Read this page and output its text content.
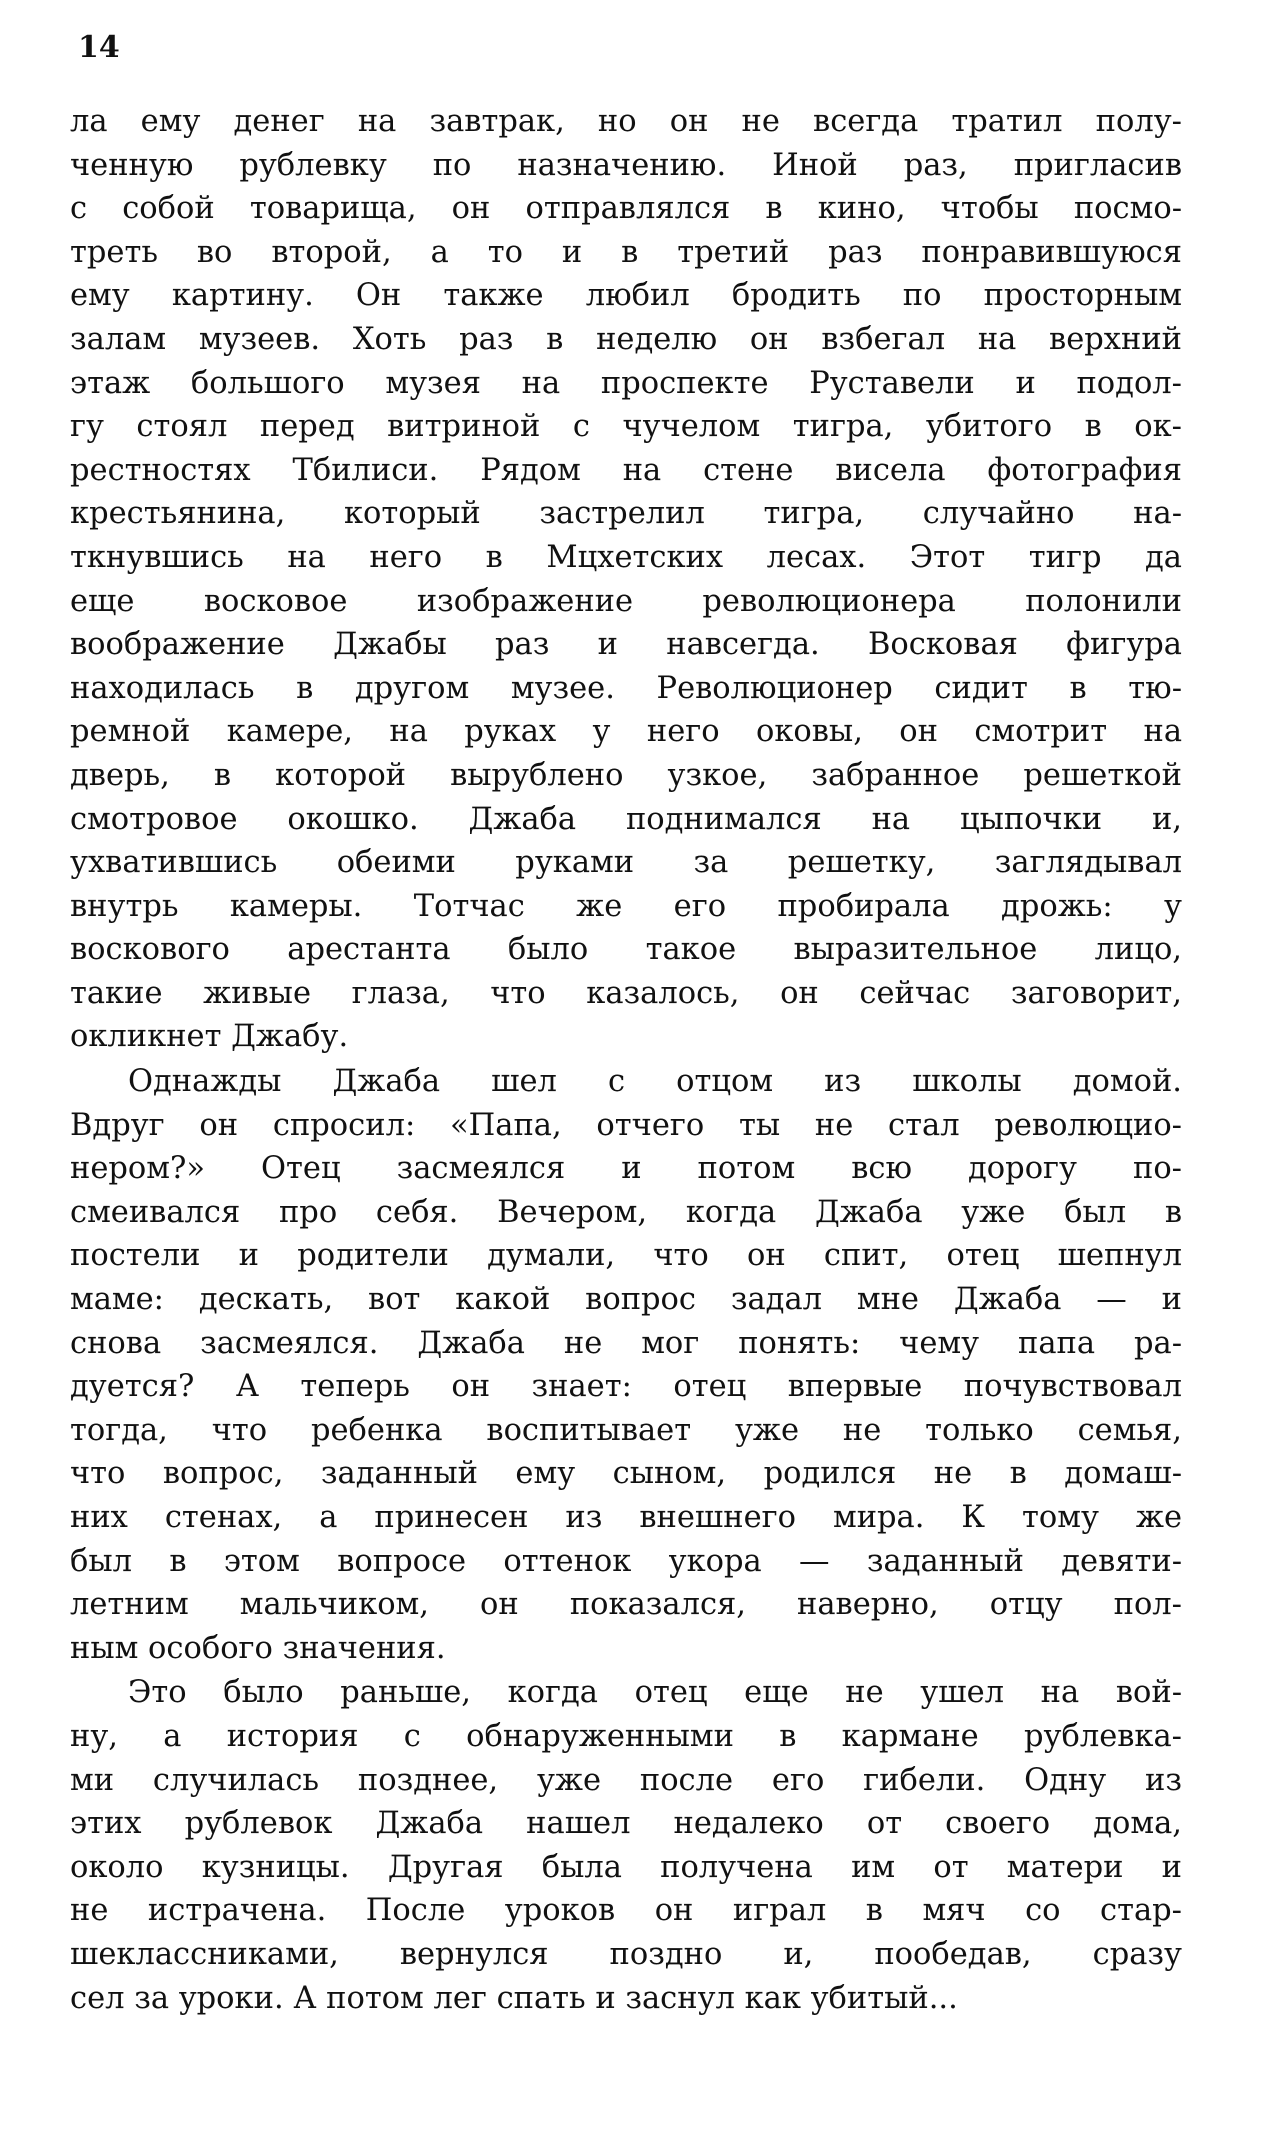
14
ла ему денег на завтрак, но он не всегда тратил полу-
ченную рублевку по назначению. Иной раз, пригласив
с собой товарища, он отправлялся в кино, чтобы посмо-
треть во второй, а то и в третий раз понравившуюся
ему картину. Он также любил бродить по просторным
залам музеев. Хоть раз в неделю он взбегал на верхний
этаж большого музея на проспекте Руставели и подол-
гу стоял перед витриной с чучелом тигра, убитого в ок-
рестностях Тбилиси. Рядом на стене висела фотография
крестьянина, который застрелил тигра, случайно на-
ткнувшись на него в Мцхетских лесах. Этот тигр да
еще восковое изображение революционера полонили
воображение Джабы раз и навсегда. Восковая фигура
находилась в другом музее. Революционер сидит в тю-
ремной камере, на руках у него оковы, он смотрит на
дверь, в которой вырублено узкое, забранное решеткой
смотровое окошко. Джаба поднимался на цыпочки и,
ухватившись обеими руками за решетку, заглядывал
внутрь камеры. Тотчас же его пробирала дрожь: у
воскового арестанта было такое выразительное лицо,
такие живые глаза, что казалось, он сейчас заговорит,
окликнет Джабу.
Однажды Джаба шел с отцом из школы домой.
Вдруг он спросил: «Папа, отчего ты не стал революцио-
нером?» Отец засмеялся и потом всю дорогу по-
смеивался про себя. Вечером, когда Джаба уже был в
постели и родители думали, что он спит, отец шепнул
маме: дескать, вот какой вопрос задал мне Джаба — и
снова засмеялся. Джаба не мог понять: чему папа ра-
дуется? А теперь он знает: отец впервые почувствовал
тогда, что ребенка воспитывает уже не только семья,
что вопрос, заданный ему сыном, родился не в домаш-
них стенах, а принесен из внешнего мира. К тому же
был в этом вопросе оттенок укора — заданный девяти-
летним мальчиком, он показался, наверно, отцу пол-
ным особого значения.
Это было раньше, когда отец еще не ушел на вой-
ну, а история с обнаруженными в кармане рублевка-
ми случилась позднее, уже после его гибели. Одну из
этих рублевок Джаба нашел недалеко от своего дома,
около кузницы. Другая была получена им от матери и
не истрачена. После уроков он играл в мяч со стар-
шеклассниками, вернулся поздно и, пообедав, сразу
сел за уроки. А потом лег спать и заснул как убитый...
